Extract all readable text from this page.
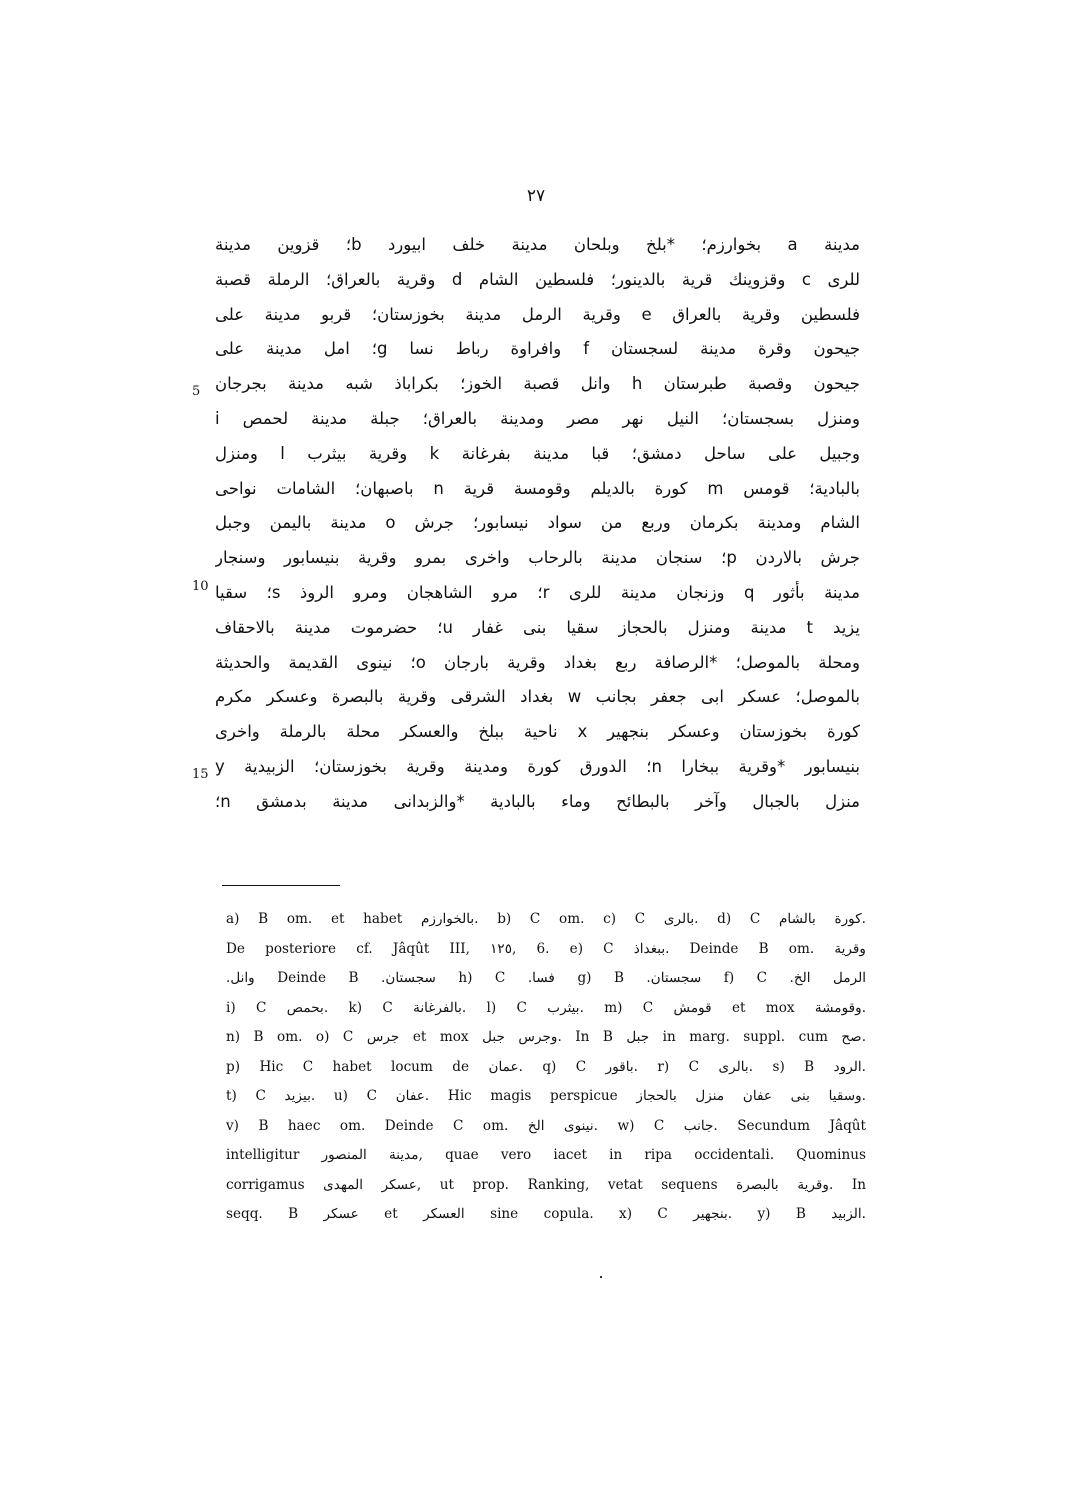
۲۷
مدينة a بخوارزم؛ *بلخ وبلحان مدينة خلف ابيورد b؛ قزوين مدينة
للرى c وقزوينك قرية بالدينور؛ فلسطين الشام d وقرية بالعراق؛ الرملة قصبة
فلسطين وقرية بالعراق e وقرية الرمل مدينة بخوزستان؛ قربو مدينة على
جيحون وقرة مدينة لسجستان f وافراوة رباط نسا g؛ امل مدينة على
جيحون وقصبة طبرستان h وانل قصبة الخوز؛ بكراباذ شبه مدينة بجرجان
ومنزل بسجستان؛ النيل نهر مصر ومدينة بالعراق؛ جبلة مدينة لحمص i
وجبيل على ساحل دمشق؛ قبا مدينة بفرغانة k وقرية بيثرب l ومنزل
بالبادية؛ قومس m كورة بالديلم وقومسة قرية n باصبهان؛ الشامات نواحى
الشام ومدينة بكرمان وربع من سواد نيسابور؛ جرش o مدينة باليمن وجبل
جرش بالاردن p؛ سنجان مدينة بالرحاب واخرى بمرو وقرية بنيسابور وسنجار
مدينة بأثور q وزنجان مدينة للرى r؛ مرو الشاهجان ومرو الروذ s؛ سقيا
يزيد t مدينة ومنزل بالحجاز سقيا بنى غفار u؛ حضرموت مدينة بالاحقاف
ومحلة بالموصل؛ *الرصافة ربع بغداد وقرية بارجان o؛ نينوى القديمة والحديثة
بالموصل؛ عسكر ابى جعفر بجانب w بغداد الشرقى وقرية بالبصرة وعسكر مكرم
كورة بخوزستان وعسكر بنجهير x ناحية ببلخ والعسكر محلة بالرملة واخرى
بنيسابور *وقرية ببخارا n؛ الدورق كورة ومدينة وقرية بخوزستان؛ الزبيدية y
منزل بالجبال وآخر بالبطائح وماء بالبادية *والزبدانى مدينة بدمشق n؛
5
10
15
a) B om. et habet بالخوارزم. b) C om. c) C بالرى. d) C كورة بالشام.
De posteriore cf. Jâqût III, ۱۲٥, 6. e) C ببغداذ. Deinde B om. وقرية
الرمل الخ. f) C سجستان. g) B فسا. h) C سجستان. Deinde B وانل.
i) C بحمص. k) C بالفرغانة. l) C بيثرب. m) C قومش et mox وقومشة.
n) B om. o) C جرس et mox وجرس جبل. In B جبل in marg. suppl. cum صح.
p) Hic C habet locum de عمان. q) C باقور. r) C بالرى. s) B الرود.
t) C بيزيد. u) C عفان. Hic magis perspicue وسقيا بنى عفان منزل بالحجاز.
v) B haec om. Deinde C om. نينوى الخ. w) C جانب. Secundum Jâqût
intelligitur مدينة المنصور, quae vero iacet in ripa occidentali. Quominus
corrigamus عسكر المهدى, ut prop. Ranking, vetat sequens وقرية بالبصرة. In
seqq. B عسكر et العسكر sine copula. x) C بنجهير. y) B الزبيد.
